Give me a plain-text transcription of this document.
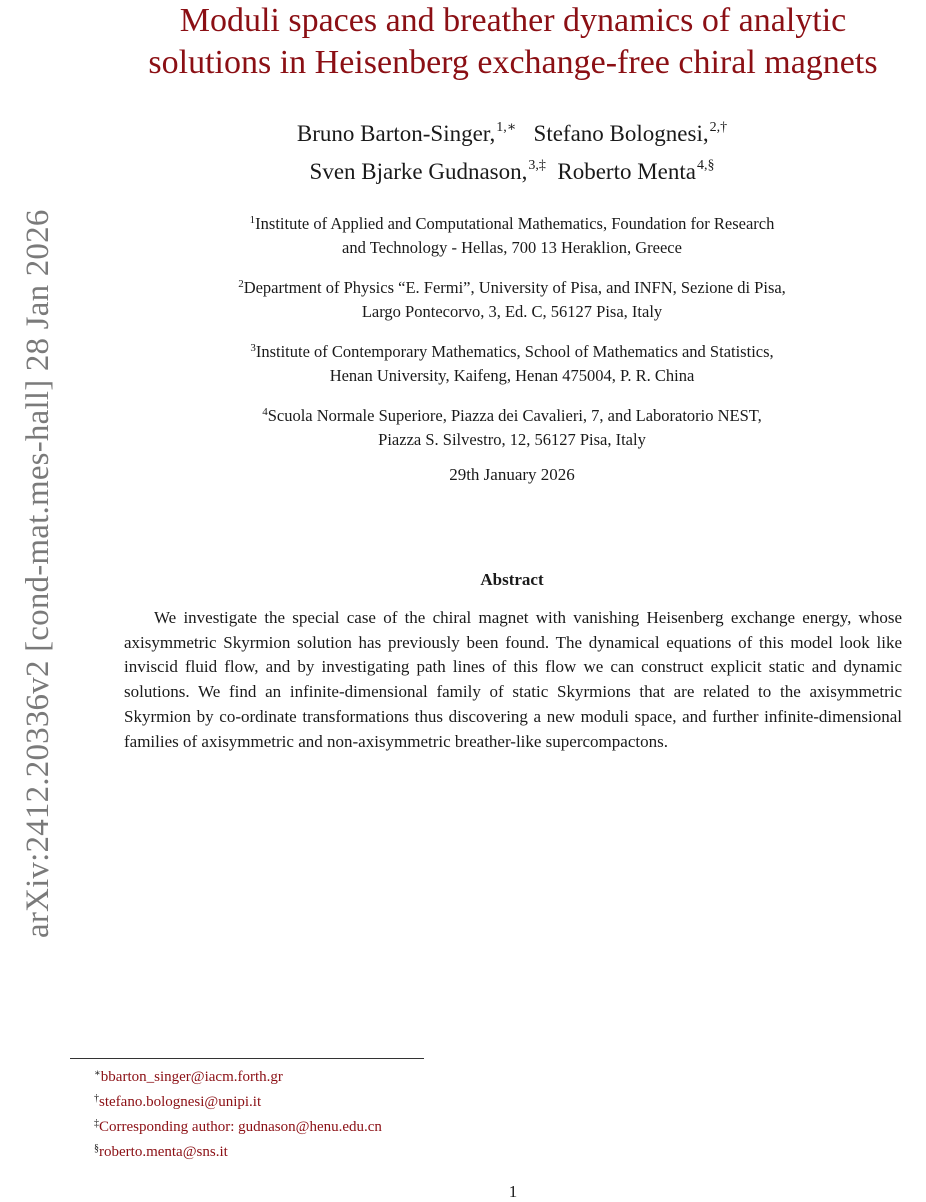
arXiv:2412.20336v2 [cond-mat.mes-hall] 28 Jan 2026
Moduli spaces and breather dynamics of analytic
solutions in Heisenberg exchange-free chiral magnets
Bruno Barton-Singer,$^{1,∗}$ Stefano Bolognesi,$^{2,\dagger}$
Sven Bjarke Gudnason,$^{3,\ddagger}$ Roberto Menta$^{4,\S}$
$^1$Institute of Applied and Computational Mathematics, Foundation for Research
and Technology - Hellas, 700 13 Heraklion, Greece
$^2$Department of Physics “E. Fermi”, University of Pisa, and INFN, Sezione di Pisa,
Largo Pontecorvo, 3, Ed. C, 56127 Pisa, Italy
$^3$Institute of Contemporary Mathematics, School of Mathematics and Statistics,
Henan University, Kaifeng, Henan 475004, P. R. China
$^4$Scuola Normale Superiore, Piazza dei Cavalieri, 7, and Laboratorio NEST,
Piazza S. Silvestro, 12, 56127 Pisa, Italy
29th January 2026
Abstract

We investigate the special case of the chiral magnet with vanishing Heisenberg exchange energy, whose axisymmetric Skyrmion solution has previously been found. The dynamical equations of this model look like inviscid fluid flow, and by investigating path lines of this flow we can construct explicit static and dynamic solutions. We find an infinite-dimensional family of static Skyrmions that are related to the axisymmetric Skyrmion by co-ordinate transformations thus discovering a new moduli space, and further infinite-dimensional families of axisymmetric and non-axisymmetric breather-like supercompactons.

∗bbarton_singer@iacm.forth.gr
†stefano.bolognesi@unipi.it
‡Corresponding author: gudnason@henu.edu.cn
§roberto.menta@sns.it
1
